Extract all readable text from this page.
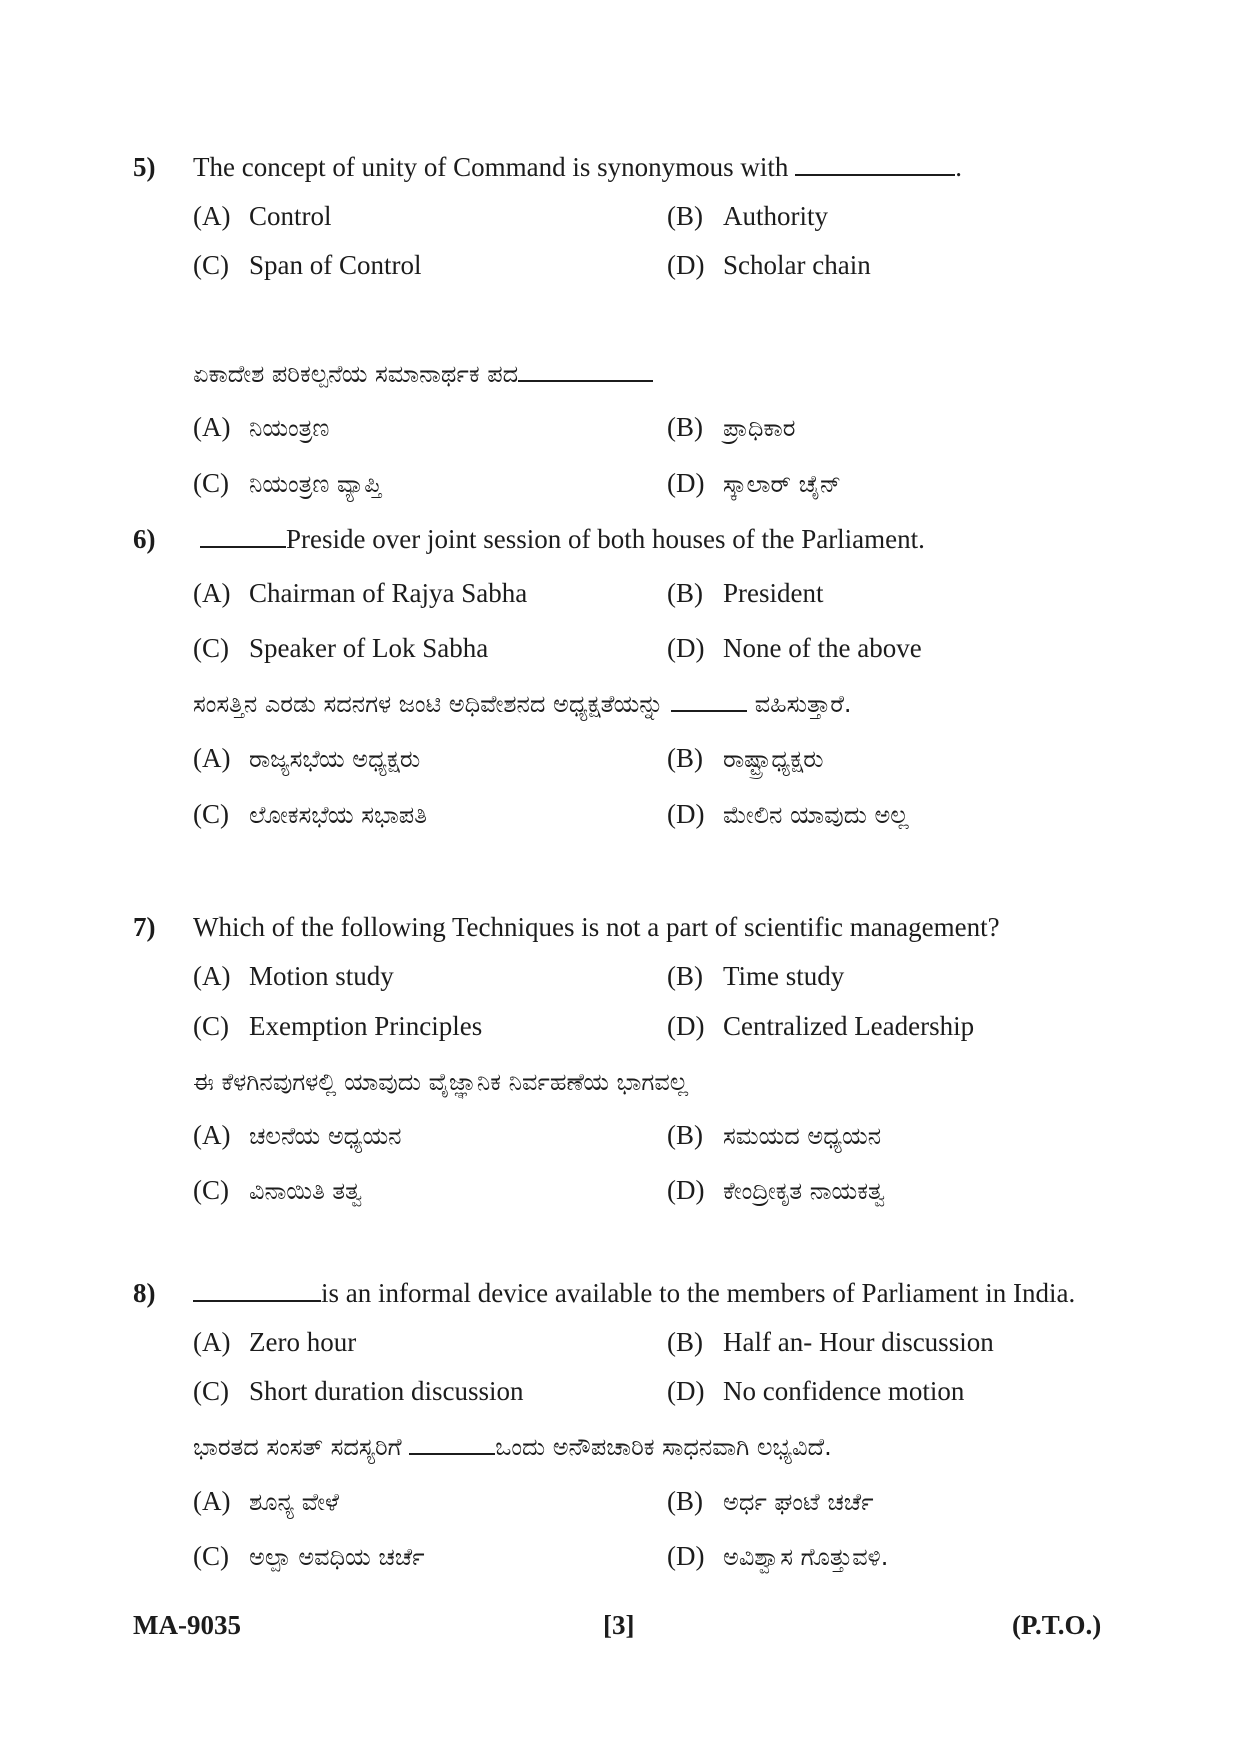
5) The concept of unity of Command is synonymous with	.
(A) Control	(B) Authority
(C) Span of Control	(D) Scholar chain
ಏಕಾದೇಶ ಪರಿಕಲ್ಪನೆಯ ಸಮಾನಾರ್ಥಕ ಪದ
(A) ನಿಯಂತ್ರಣ	(B) ಪ್ರಾಧಿಕಾರ
(C) ನಿಯಂತ್ರಣ ವ್ಯಾಪ್ತಿ	(D) ಸ್ಕಾಲಾರ್ ಚೈನ್
6)	Preside over joint session of both houses of the Parliament.
(A) Chairman of Rajya Sabha	(B) President
(C) Speaker of Lok Sabha	(D) None of the above
ಸಂಸತ್ತಿನ ಎರಡು ಸದನಗಳ ಜಂಟಿ ಅಧಿವೇಶನದ ಅಧ್ಯಕ್ಷತೆಯನ್ನು	ವಹಿಸುತ್ತಾರೆ.
(A) ರಾಜ್ಯಸಭೆಯ ಅಧ್ಯಕ್ಷರು	(B) ರಾಷ್ಟ್ರಾಧ್ಯಕ್ಷರು
(C) ಲೋಕಸಭೆಯ ಸಭಾಪತಿ	(D) ಮೇಲಿನ ಯಾವುದು ಅಲ್ಲ
7) Which of the following Techniques is not a part of scientific management?
(A) Motion study	(B) Time study
(C) Exemption Principles	(D) Centralized Leadership
ಈ ಕೆಳಗಿನವುಗಳಲ್ಲಿ ಯಾವುದು ವೈಜ್ಞಾನಿಕ ನಿರ್ವಹಣೆಯ ಭಾಗವಲ್ಲ
(A) ಚಲನೆಯ ಅಧ್ಯಯನ	(B) ಸಮಯದ ಅಧ್ಯಯನ
(C) ವಿನಾಯಿತಿ ತತ್ವ	(D) ಕೇಂದ್ರೀಕೃತ ನಾಯಕತ್ವ
8)	is an informal device available to the members of Parliament in India.
(A) Zero hour	(B) Half an- Hour discussion
(C) Short duration discussion	(D) No confidence motion
ಭಾರತದ ಸಂಸತ್ ಸದಸ್ಯರಿಗೆ	ಒಂದು ಅನೌಪಚಾರಿಕ ಸಾಧನವಾಗಿ ಲಭ್ಯವಿದೆ.
(A) ಶೂನ್ಯ ವೇಳೆ	(B) ಅರ್ಧ ಘಂಟೆ ಚರ್ಚೆ
(C) ಅಲ್ಪಾ ಅವಧಿಯ ಚರ್ಚೆ	(D) ಅವಿಶ್ವಾಸ ಗೊತ್ತುವಳಿ.
MA-9035	[3]	(P.T.O.)
